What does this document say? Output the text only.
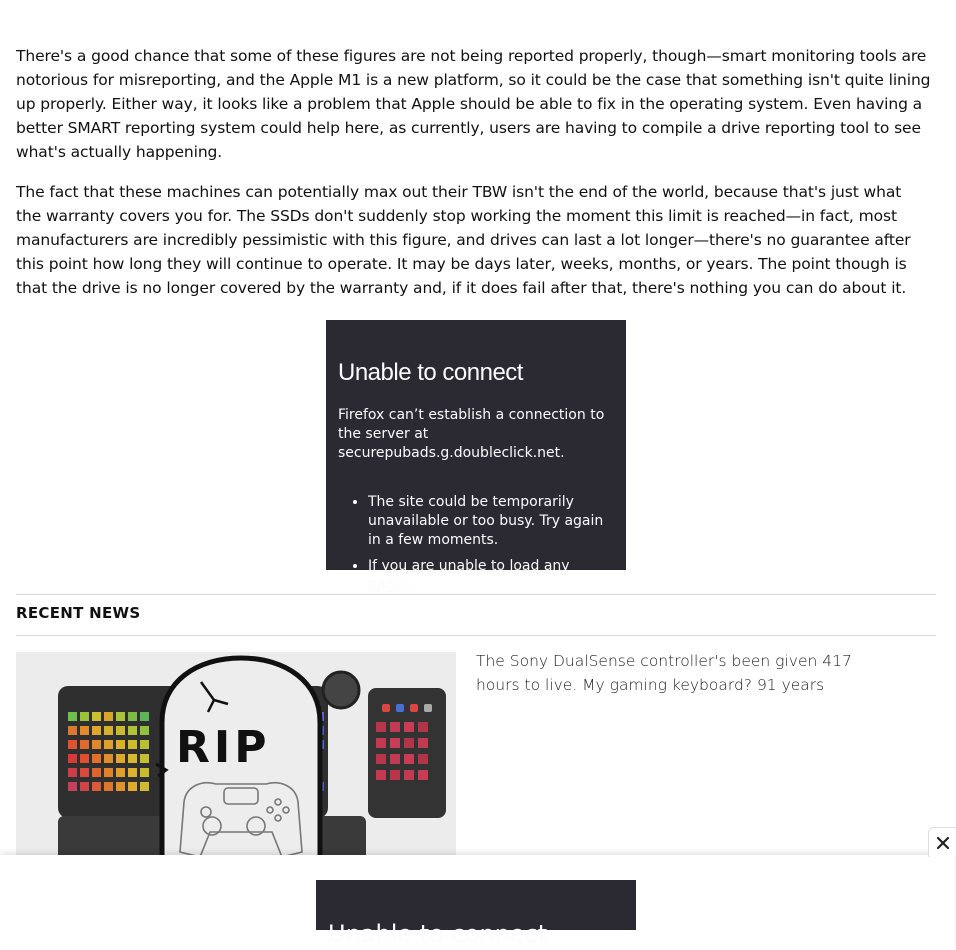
There's a good chance that some of these figures are not being reported properly, though—smart monitoring tools are notorious for misreporting, and the Apple M1 is a new platform, so it could be the case that something isn't quite lining up properly. Either way, it looks like a problem that Apple should be able to fix in the operating system. Even having a better SMART reporting system could help here, as currently, users are having to compile a drive reporting tool to see what's actually happening.

The fact that these machines can potentially max out their TBW isn't the end of the world, because that's just what the warranty covers you for. The SSDs don't suddenly stop working the moment this limit is reached—in fact, most manufacturers are incredibly pessimistic with this figure, and drives can last a lot longer—there's no guarantee after this point how long they will continue to operate. It may be days later, weeks, months, or years. The point though is that the drive is no longer covered by the warranty and, if it does fail after that, there's nothing you can do about it.

Unable to connect
Firefox can’t establish a connection to the server at securepubads.g.doubleclick.net.
• The site could be temporarily unavailable or too busy. Try again in a few moments.
• If you are unable to load any pages,
RECENT NEWS
RIP
The Sony DualSense controller's been given 417 hours to live. My gaming keyboard? 91 years
Unable to connect
